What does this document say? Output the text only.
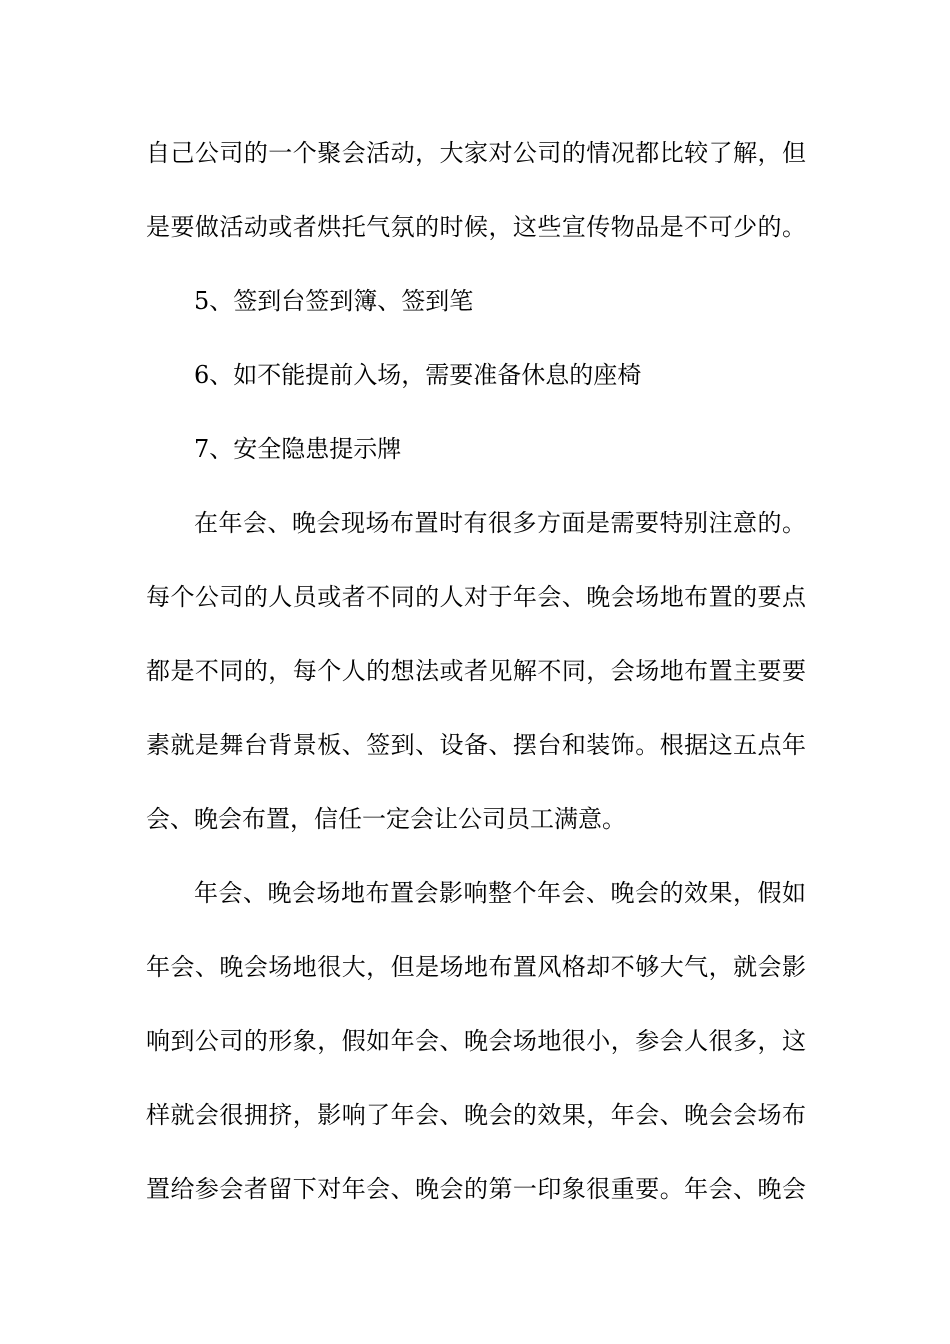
自己公司的一个聚会活动，大家对公司的情况都比较了解，但
是要做活动或者烘托气氛的时候，这些宣传物品是不可少的。
5、签到台签到簿、签到笔
6、如不能提前入场，需要准备休息的座椅
7、安全隐患提示牌
在年会、晚会现场布置时有很多方面是需要特别注意的。
每个公司的人员或者不同的人对于年会、晚会场地布置的要点
都是不同的，每个人的想法或者见解不同，会场地布置主要要
素就是舞台背景板、签到、设备、摆台和装饰。根据这五点年
会、晚会布置，信任一定会让公司员工满意。
年会、晚会场地布置会影响整个年会、晚会的效果，假如
年会、晚会场地很大，但是场地布置风格却不够大气，就会影
响到公司的形象，假如年会、晚会场地很小，参会人很多，这
样就会很拥挤，影响了年会、晚会的效果，年会、晚会会场布
置给参会者留下对年会、晚会的第一印象很重要。年会、晚会
